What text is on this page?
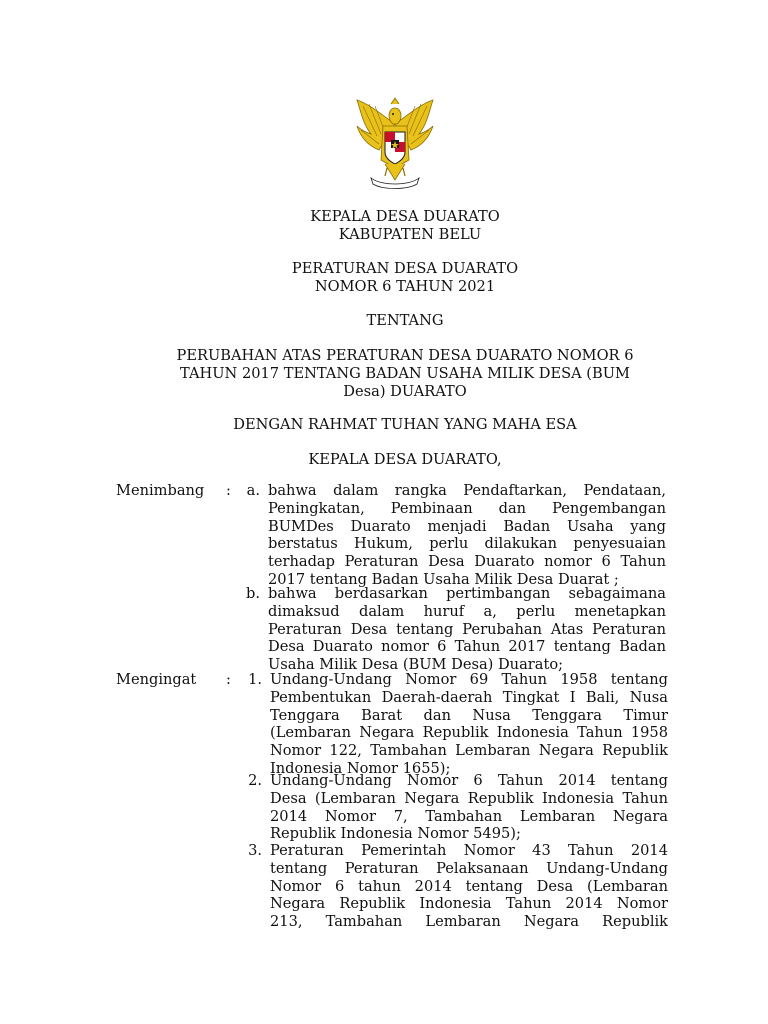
KEPALA DESA DUARATO
KABUPATEN BELU
PERATURAN DESA DUARATO
NOMOR 6 TAHUN 2021
TENTANG
PERUBAHAN ATAS PERATURAN DESA DUARATO NOMOR 6
TAHUN 2017 TENTANG BADAN USAHA MILIK DESA (BUM
Desa) DUARATO
DENGAN RAHMAT TUHAN YANG MAHA ESA
KEPALA DESA DUARATO,
Menimbang :	a. bahwa dalam rangka Pendaftarkan, Pendataan,
Peningkatan, Pembinaan dan Pengembangan
BUMDes Duarato menjadi Badan Usaha yang
berstatus Hukum, perlu dilakukan penyesuaian
terhadap Peraturan Desa Duarato nomor 6 Tahun
2017 tentang Badan Usaha Milik Desa Duarat ;
b. bahwa berdasarkan pertimbangan sebagaimana
dimaksud dalam huruf a, perlu menetapkan
Peraturan Desa tentang Perubahan Atas Peraturan
Desa Duarato nomor 6 Tahun 2017 tentang Badan
Usaha Milik Desa (BUM Desa) Duarato;
Mengingat :	1. Undang-Undang Nomor 69 Tahun 1958 tentang
Pembentukan Daerah-daerah Tingkat I Bali, Nusa
Tenggara Barat dan Nusa Tenggara Timur
(Lembaran Negara Republik Indonesia Tahun 1958
Nomor 122, Tambahan Lembaran Negara Republik
Indonesia Nomor 1655);
2. Undang-Undang Nomor 6 Tahun 2014 tentang
Desa (Lembaran Negara Republik Indonesia Tahun
2014 Nomor 7, Tambahan Lembaran Negara
Republik Indonesia Nomor 5495);
3. Peraturan Pemerintah Nomor 43 Tahun 2014
tentang Peraturan Pelaksanaan Undang-Undang
Nomor 6 tahun 2014 tentang Desa (Lembaran
Negara Republik Indonesia Tahun 2014 Nomor
213, Tambahan Lembaran Negara Republik
